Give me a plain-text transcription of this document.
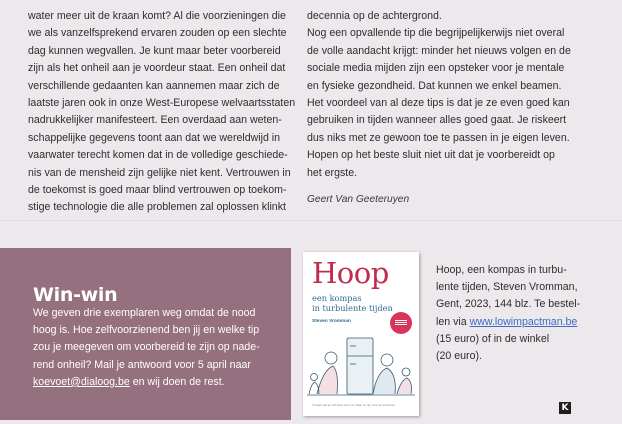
water meer uit de kraan komt? Al die voorzieningen die

we als vanzelfsprekend ervaren zouden op een slechte

dag kunnen wegvallen. Je kunt maar beter voorbereid

zijn als het onheil aan je voordeur staat. Een onheil dat

verschillende gedaanten kan aannemen maar zich de

laatste jaren ook in onze West-Europese welvaartsstaten

nadrukkelijker manifesteert. Een overdaad aan weten-

schappelijke gegevens toont aan dat we wereldwijd in

vaarwater terecht komen dat in de volledige geschiede-

nis van de mensheid zijn gelijke niet kent. Vertrouwen in

de toekomst is goed maar blind vertrouwen op toekom-

stige technologie die alle problemen zal oplossen klinkt

decennia op de achtergrond.

Nog een opvallende tip die begrijpelijkerwijs niet overal

de volle aandacht krijgt: minder het nieuws volgen en de

sociale media mijden zijn een opsteker voor je mentale

en fysieke gezondheid. Dat kunnen we enkel beamen.

Het voordeel van al deze tips is dat je ze even goed kan

gebruiken in tijden wanneer alles goed gaat. Je riskeert

dus niks met ze gewoon toe te passen in je eigen leven.

Hopen op het beste sluit niet uit dat je voorbereidt op

het ergste.

Geert Van Geeteruyen
Win-win

We geven drie exemplaren weg omdat de nood

hoog is. Hoe zelfvoorzienend ben jij en welke tip

zou je meegeven om voorbereid te zijn op nade-

rend onheil? Mail je antwoord voor 5 april naar

koevoet@dialoog.be en wij doen de rest.

Hoop
een kompas
in turbulente tijden
Steven Vromman
Ontdek wat je zelf doen kunt om klaar te zijn voor de toekomst

Hoop, een kompas in turbu-

lente tijden, Steven Vromman,

Gent, 2023, 144 blz. Te bestel-

len via www.lowimpactman.be

(15 euro) of in de winkel

(20 euro).

K
